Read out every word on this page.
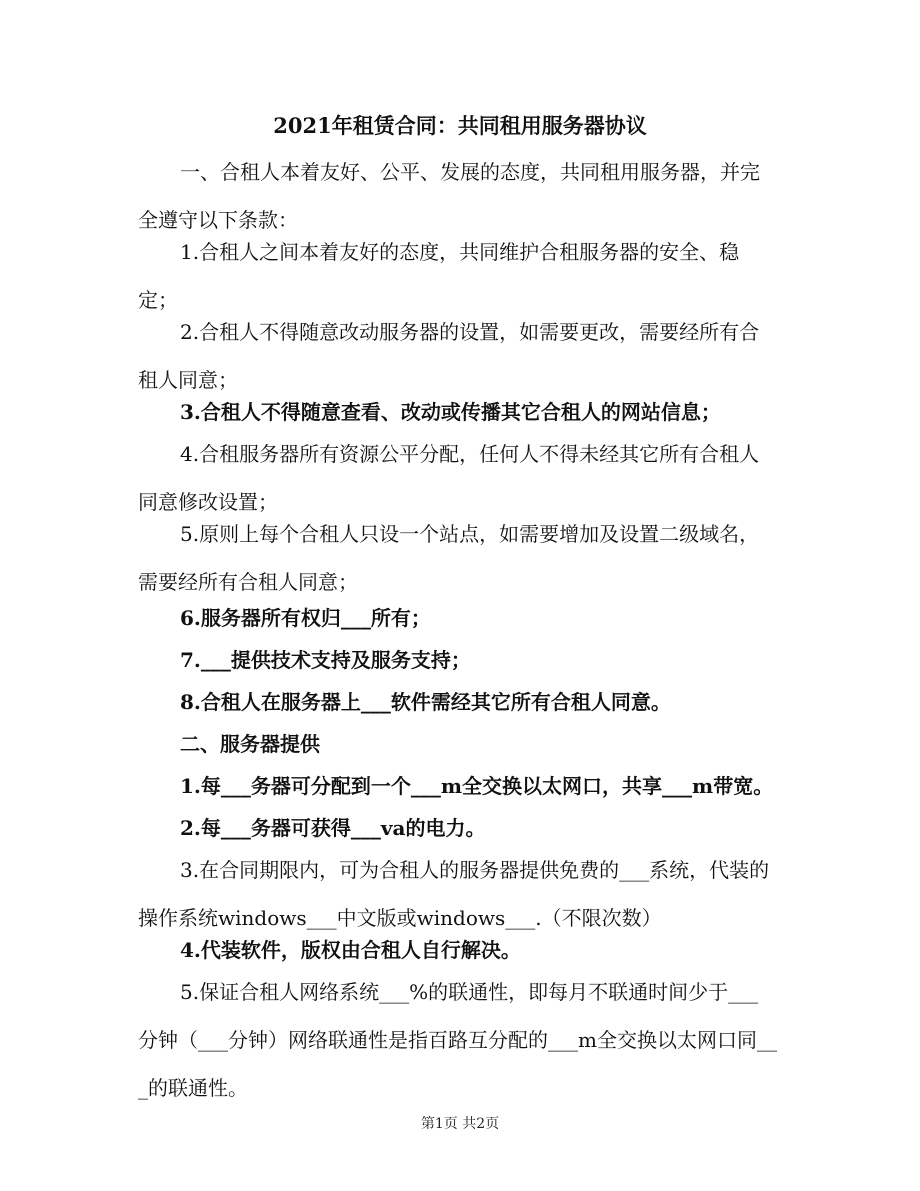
2021年租赁合同：共同租用服务器协议

一、合租人本着友好、公平、发展的态度，共同租用服务器，并完全遵守以下条款：

1.合租人之间本着友好的态度，共同维护合租服务器的安全、稳定；

2.合租人不得随意改动服务器的设置，如需要更改，需要经所有合租人同意；

3.合租人不得随意查看、改动或传播其它合租人的网站信息；

4.合租服务器所有资源公平分配，任何人不得未经其它所有合租人同意修改设置；

5.原则上每个合租人只设一个站点，如需要增加及设置二级域名，需要经所有合租人同意；

6.服务器所有权归___所有；

7.___提供技术支持及服务支持；

8.合租人在服务器上___软件需经其它所有合租人同意。

二、服务器提供

1.每___务器可分配到一个___m全交换以太网口，共享___m带宽。

2.每___务器可获得___va的电力。

3.在合同期限内，可为合租人的服务器提供免费的___系统，代装的操作系统windows___中文版或windows___.（不限次数）

4.代装软件，版权由合租人自行解决。

5.保证合租人网络系统___%的联通性，即每月不联通时间少于___分钟（___分钟）网络联通性是指百路互分配的___m全交换以太网口同___的联通性。

第1页 共2页
